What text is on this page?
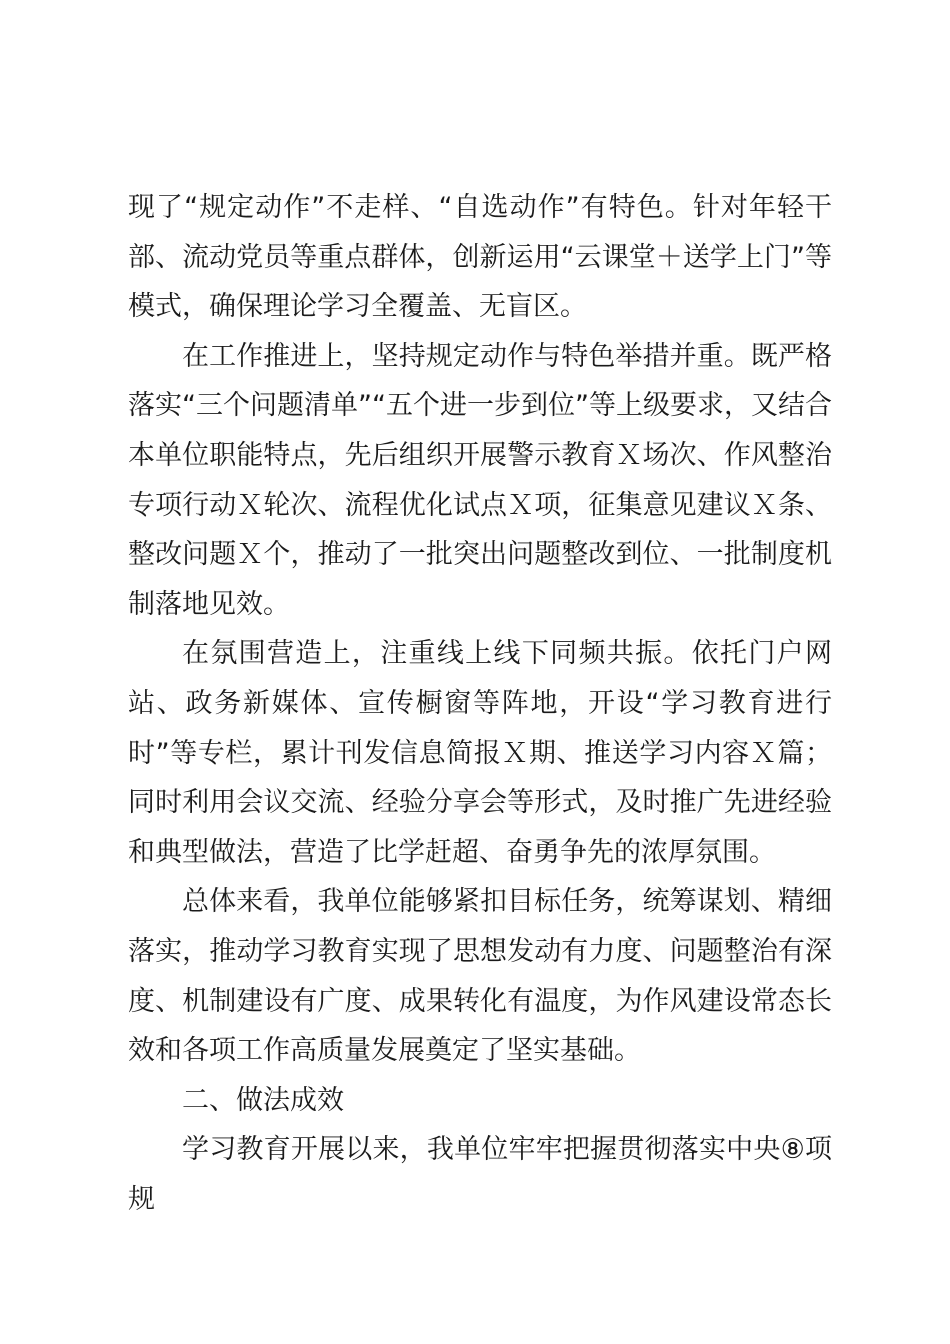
现了“规定动作”不走样、“自选动作”有特色。针对年轻干部、流动党员等重点群体，创新运用“云课堂＋送学上门”等模式，确保理论学习全覆盖、无盲区。

在工作推进上，坚持规定动作与特色举措并重。既严格落实“三个问题清单”“五个进一步到位”等上级要求，又结合本单位职能特点，先后组织开展警示教育Ｘ场次、作风整治专项行动Ｘ轮次、流程优化试点Ｘ项，征集意见建议Ｘ条、整改问题Ｘ个，推动了一批突出问题整改到位、一批制度机制落地见效。

在氛围营造上，注重线上线下同频共振。依托门户网站、政务新媒体、宣传橱窗等阵地，开设“学习教育进行时”等专栏，累计刊发信息简报Ｘ期、推送学习内容Ｘ篇；同时利用会议交流、经验分享会等形式，及时推广先进经验和典型做法，营造了比学赶超、奋勇争先的浓厚氛围。

总体来看，我单位能够紧扣目标任务，统筹谋划、精细落实，推动学习教育实现了思想发动有力度、问题整治有深度、机制建设有广度、成果转化有温度，为作风建设常态长效和各项工作高质量发展奠定了坚实基础。

二、做法成效

学习教育开展以来，我单位牢牢把握贯彻落实中央⑧项规
